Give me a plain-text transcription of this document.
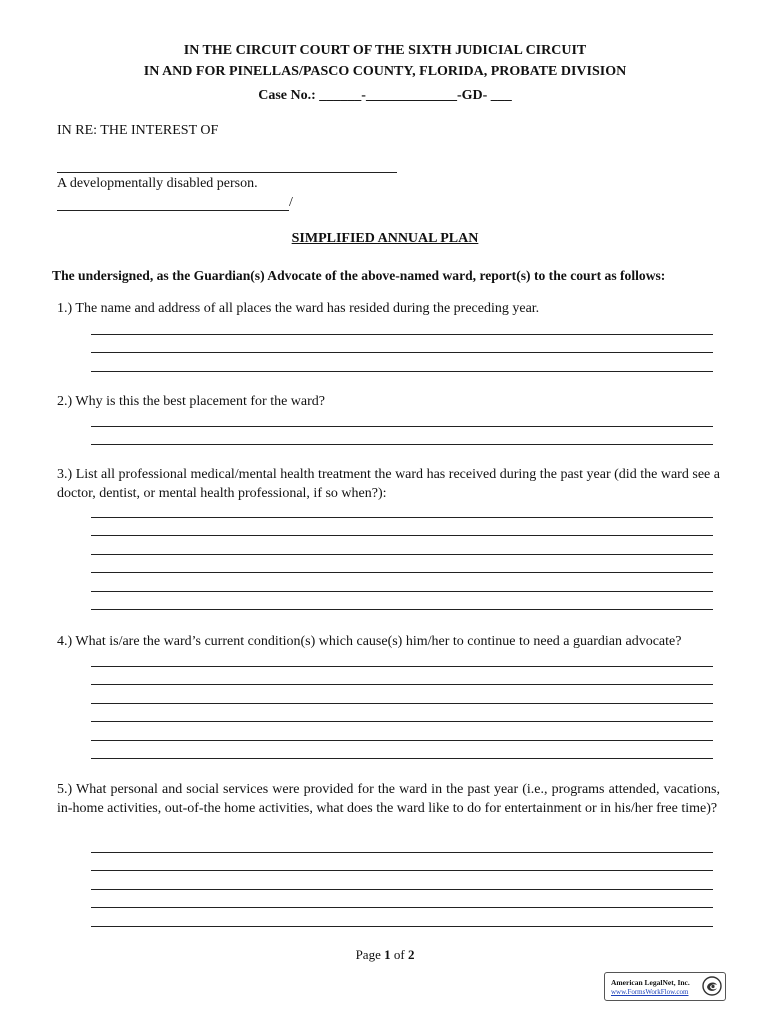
IN THE CIRCUIT COURT OF THE SIXTH JUDICIAL CIRCUIT
IN AND FOR PINELLAS/PASCO COUNTY, FLORIDA, PROBATE DIVISION
Case No.: ______-_____________-GD- ___
IN RE: THE INTEREST OF
A developmentally disabled person.
/
SIMPLIFIED ANNUAL PLAN
The undersigned, as the Guardian(s) Advocate of the above-named ward, report(s) to the court as follows:
1.) The name and address of all places the ward has resided during the preceding year.
2.) Why is this the best placement for the ward?
3.) List all professional medical/mental health treatment the ward has received during the past year (did the ward see a doctor, dentist, or mental health professional, if so when?):
4.) What is/are the ward’s current condition(s) which cause(s) him/her to continue to need a guardian advocate?
5.) What personal and social services were provided for the ward in the past year (i.e., programs attended, vacations, in-home activities, out-of-the home activities, what does the ward like to do for entertainment or in his/her free time)?
Page 1 of 2
American LegalNet, Inc.
www.FormsWorkFlow.com
